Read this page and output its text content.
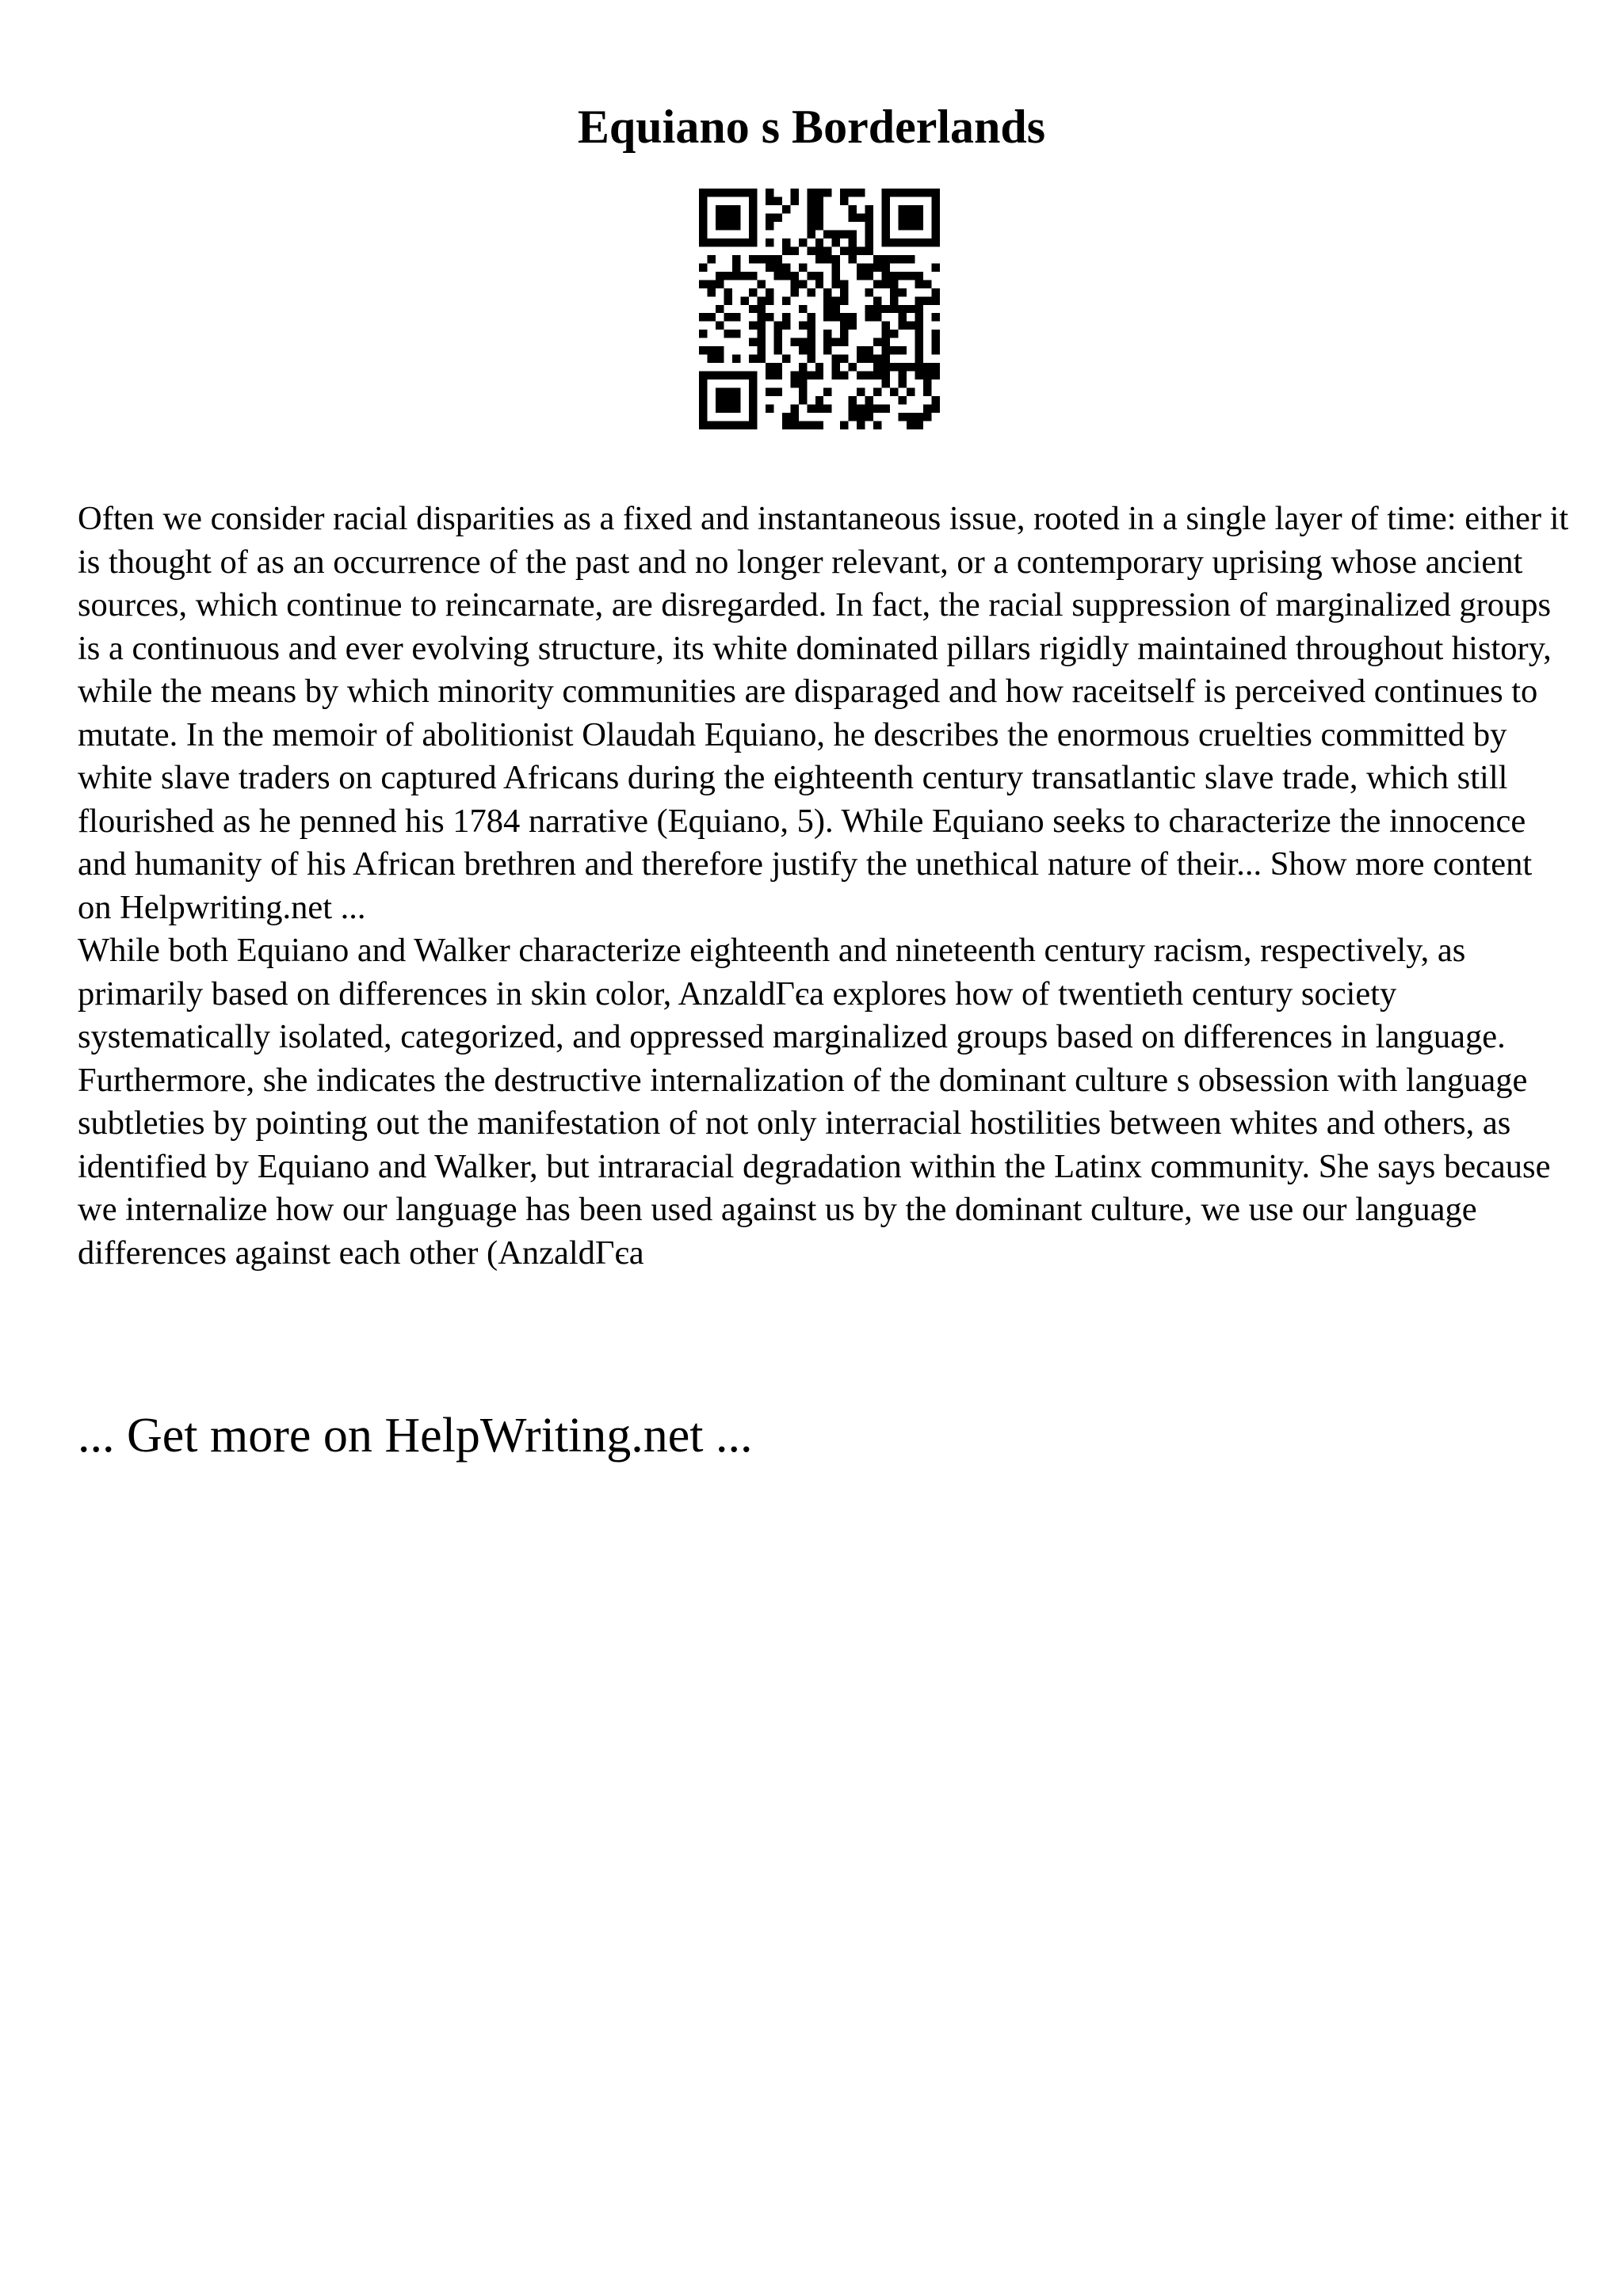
Equiano s Borderlands

Often we consider racial disparities as a fixed and instantaneous issue, rooted in a single layer of time: either it is thought of as an occurrence of the past and no longer relevant, or a contemporary uprising whose ancient sources, which continue to reincarnate, are disregarded. In fact, the racial suppression of marginalized groups is a continuous and ever evolving structure, its white dominated pillars rigidly maintained throughout history, while the means by which minority communities are disparaged and how raceitself is perceived continues to mutate. In the memoir of abolitionist Olaudah Equiano, he describes the enormous cruelties committed by white slave traders on captured Africans during the eighteenth century transatlantic slave trade, which still flourished as he penned his 1784 narrative (Equiano, 5). While Equiano seeks to characterize the innocence and humanity of his African brethren and therefore justify the unethical nature of their... Show more content on Helpwriting.net ...

While both Equiano and Walker characterize eighteenth and nineteenth century racism, respectively, as primarily based on differences in skin color, AnzaldГєa explores how of twentieth century society systematically isolated, categorized, and oppressed marginalized groups based on differences in language. Furthermore, she indicates the destructive internalization of the dominant culture s obsession with language subtleties by pointing out the manifestation of not only interracial hostilities between whites and others, as identified by Equiano and Walker, but intraracial degradation within the Latinx community. She says because we internalize how our language has been used against us by the dominant culture, we use our language differences against each other (AnzaldГєa

... Get more on HelpWriting.net ...
